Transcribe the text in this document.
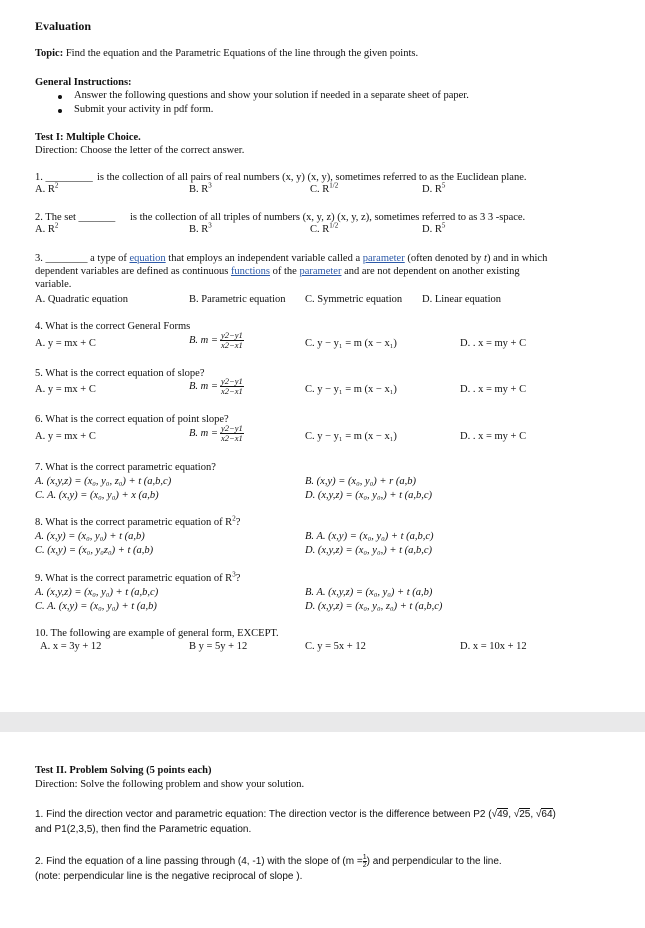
Evaluation
Topic: Find the equation and the Parametric Equations of the line through the given points.
General Instructions:
Answer the following questions and show your solution if needed in a separate sheet of paper.
Submit your activity in pdf form.
Test I: Multiple Choice.
Direction: Choose the letter of the correct answer.
1. _________ is the collection of all pairs of real numbers (x, y) (x, y), sometimes referred to as the Euclidean plane.
A. $R^2$	B. $R^3$	C. $R^{1/2}$	D. $R^5$
2. The set _______ is the collection of all triples of numbers (x, y, z) (x, y, z), sometimes referred to as 3 3 -space.
A. $R^2$	B. $R^3$	C. $R^{1/2}$	D. $R^5$
3. ________ a type of equation that employs an independent variable called a parameter (often denoted by t) and in which
dependent variables are defined as continuous functions of the parameter and are not dependent on another existing
variable.
A. Quadratic equation	B. Parametric equation C. Symmetric equation D. Linear equation
4. What is the correct General Forms
A. y = mx + C	B. $m = \frac{y2-y1}{x2-x1}$	C. y − y₁ = m (x − x₁)	D. . x = my + C
5. What is the correct equation of slope?
A. y = mx + C	B. $m = \frac{y2-y1}{x2-x1}$	C. y − y₁ = m (x − x₁)	D. . x = my + C
6. What is the correct equation of point slope?
A. y = mx + C	B. $m = \frac{y2-y1}{x2-x1}$	C. y − y₁ = m (x − x₁)	D. . x = my + C
7. What is the correct parametric equation?
A. (x,y,z) = (x₀, y₀, z₀) + t (a,b,c)	B. (x,y) = (x₀, y₀) + r (a,b)
C. A. (x,y) = (x₀, y₀) + x (a,b)	D. (x,y,z) = (x₀, y₀,) + t (a,b,c)
8. What is the correct parametric equation of $R^2$?
A. (x,y) = (x₀, y₀) + t (a,b)	B. A. (x,y) = (x₀, y₀) + t (a,b,c)
C. (x,y) = (x₀, y₀z₀) + t (a,b)	D. (x,y,z) = (x₀, y₀,) + t (a,b,c)
9. What is the correct parametric equation of $R^3$?
A. (x,y,z) = (x₀, y₀) + t (a,b,c)	B. A. (x,y,z) = (x₀, y₀) + t (a,b)
C. A. (x,y) = (x₀, y₀) + t (a,b)	D. (x,y,z) = (x₀, y₀, z₀) + t (a,b,c)
10. The following are example of general form, EXCEPT.
A. x = 3y + 12	B y = 5y + 12	C. y = 5x + 12	D. x = 10x + 12
Test II. Problem Solving (5 points each)
Direction: Solve the following problem and show your solution.
1. Find the direction vector and parametric equation: The direction vector is the difference between P2 (√49, √25, √64)
and P1(2,3,5), then find the Parametric equation.
2. Find the equation of a line passing through (4, -1) with the slope of $(m = \frac{1}{2})$ and perpendicular to the line.
(note: perpendicular line is the negative reciprocal of slope ).
